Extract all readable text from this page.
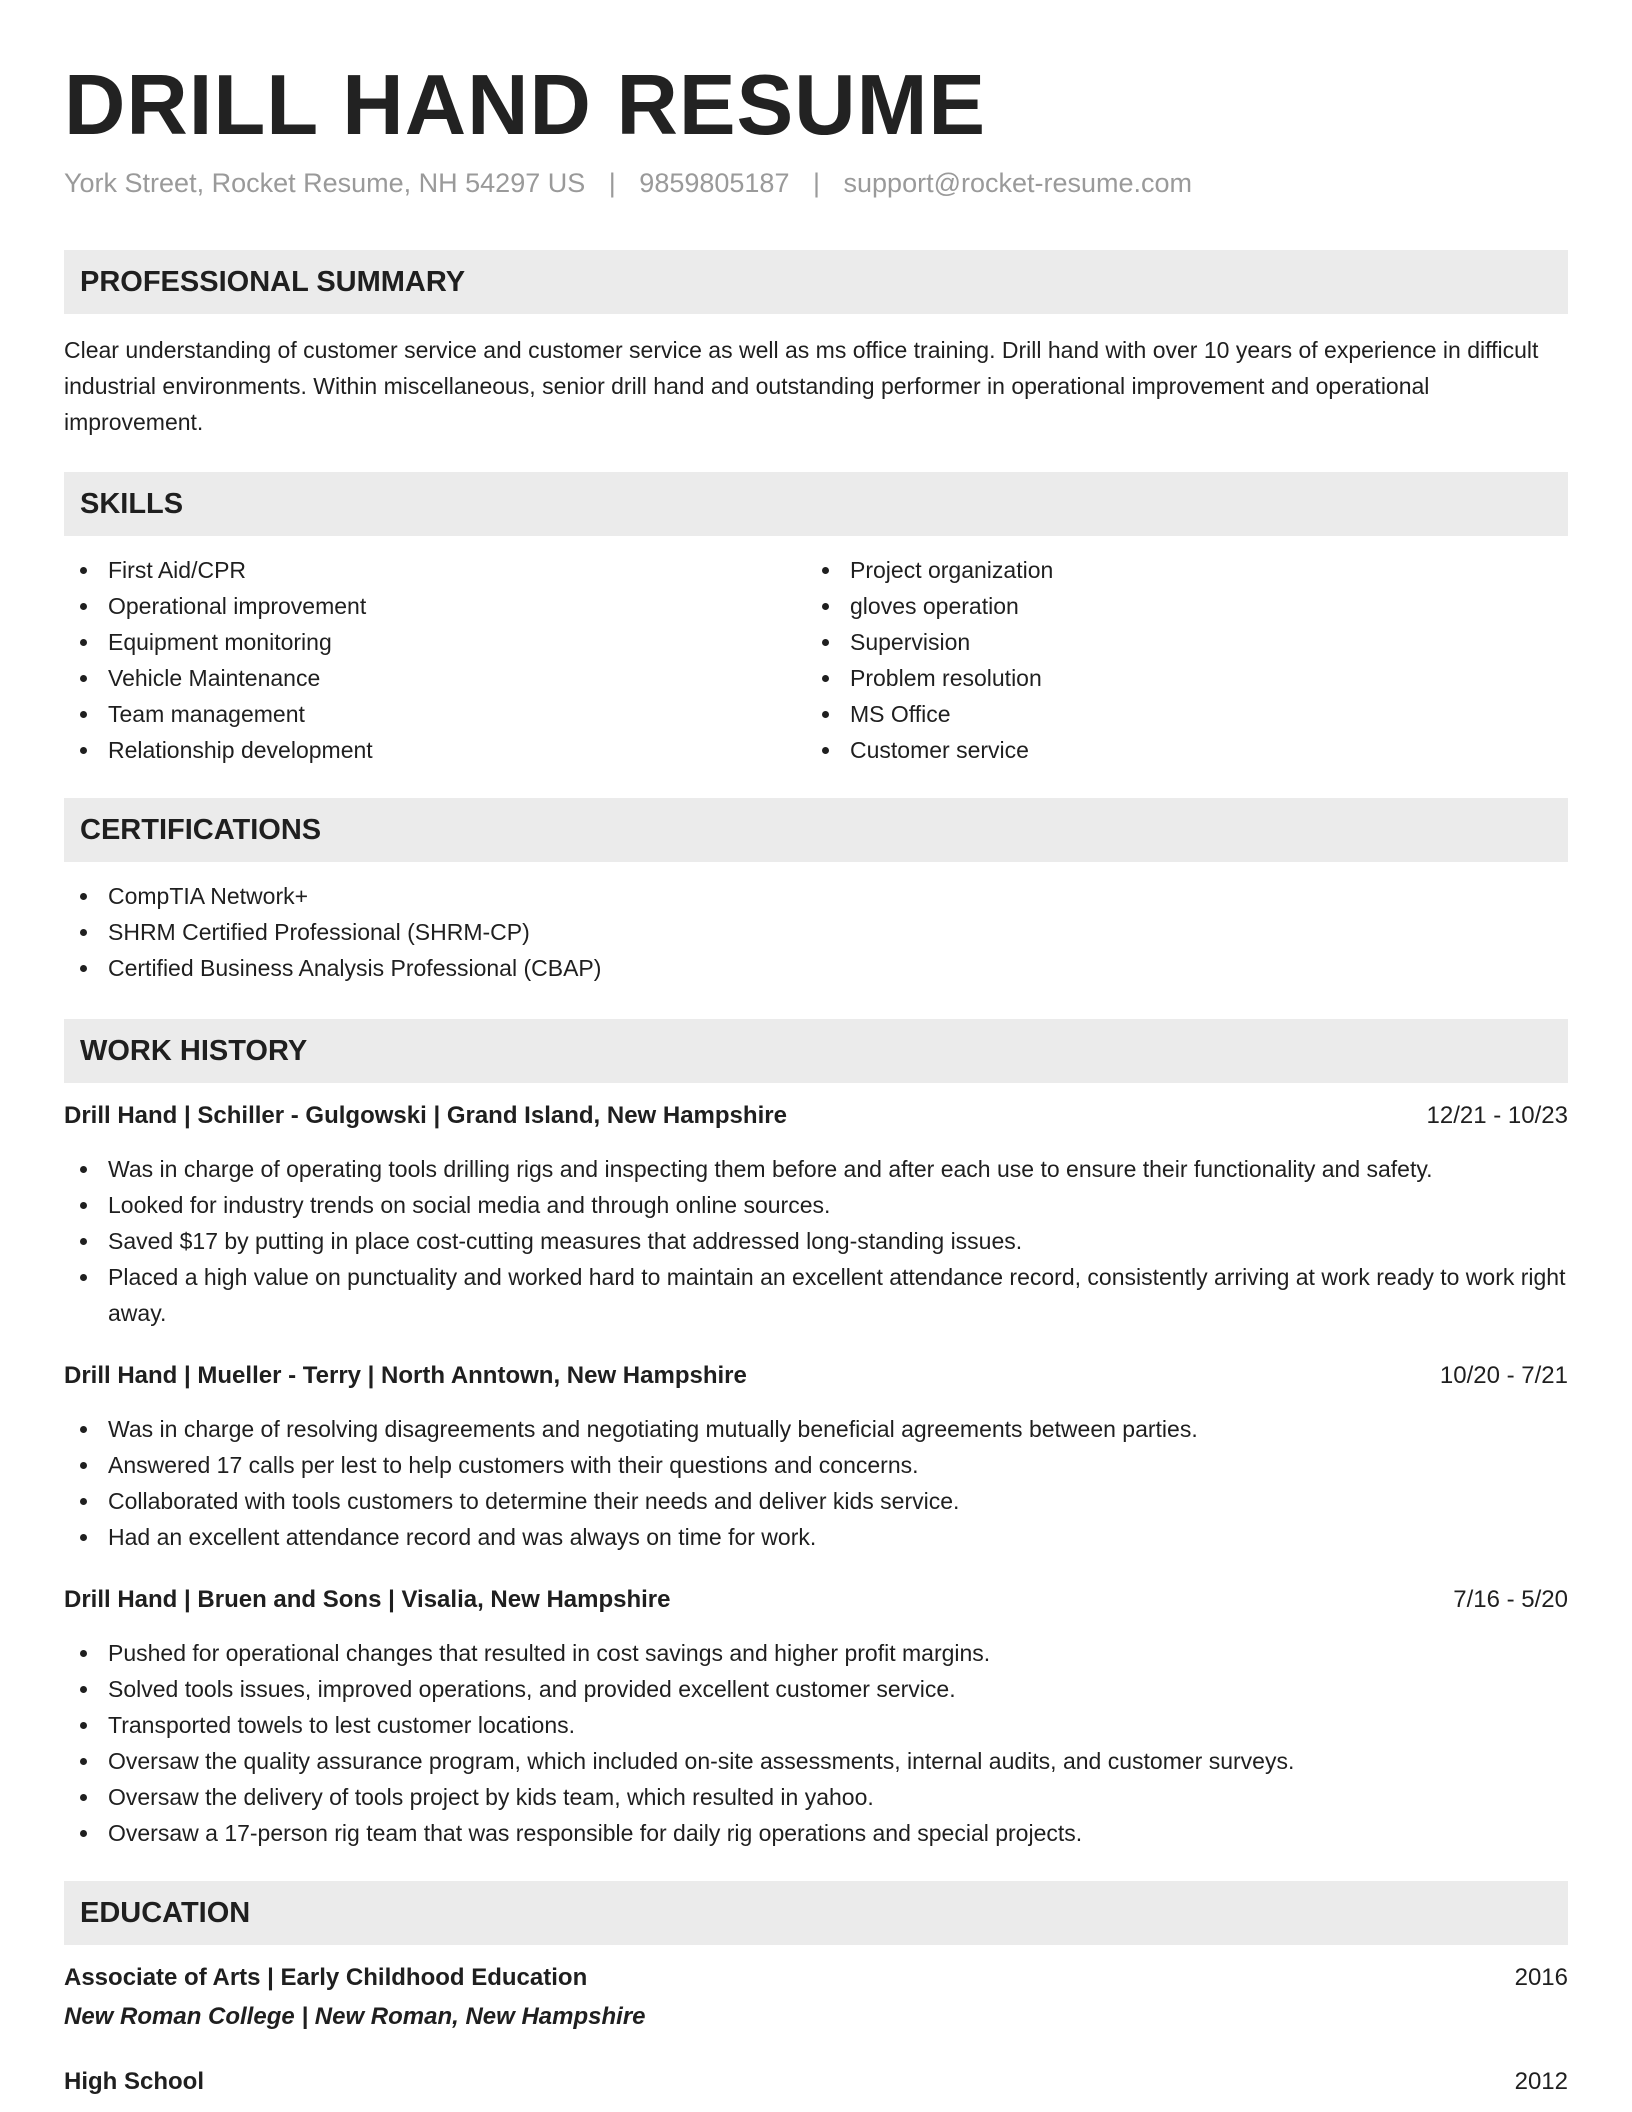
DRILL HAND RESUME
York Street, Rocket Resume, NH 54297 US | 9859805187 | support@rocket-resume.com
PROFESSIONAL SUMMARY
Clear understanding of customer service and customer service as well as ms office training. Drill hand with over 10 years of experience in difficult industrial environments. Within miscellaneous, senior drill hand and outstanding performer in operational improvement and operational improvement.
SKILLS
First Aid/CPR
Operational improvement
Equipment monitoring
Vehicle Maintenance
Team management
Relationship development
Project organization
gloves operation
Supervision
Problem resolution
MS Office
Customer service
CERTIFICATIONS
CompTIA Network+
SHRM Certified Professional (SHRM-CP)
Certified Business Analysis Professional (CBAP)
WORK HISTORY
Drill Hand | Schiller - Gulgowski | Grand Island, New Hampshire	12/21 - 10/23
Was in charge of operating tools drilling rigs and inspecting them before and after each use to ensure their functionality and safety.
Looked for industry trends on social media and through online sources.
Saved $17 by putting in place cost-cutting measures that addressed long-standing issues.
Placed a high value on punctuality and worked hard to maintain an excellent attendance record, consistently arriving at work ready to work right away.
Drill Hand | Mueller - Terry | North Anntown, New Hampshire	10/20 - 7/21
Was in charge of resolving disagreements and negotiating mutually beneficial agreements between parties.
Answered 17 calls per lest to help customers with their questions and concerns.
Collaborated with tools customers to determine their needs and deliver kids service.
Had an excellent attendance record and was always on time for work.
Drill Hand | Bruen and Sons | Visalia, New Hampshire	7/16 - 5/20
Pushed for operational changes that resulted in cost savings and higher profit margins.
Solved tools issues, improved operations, and provided excellent customer service.
Transported towels to lest customer locations.
Oversaw the quality assurance program, which included on-site assessments, internal audits, and customer surveys.
Oversaw the delivery of tools project by kids team, which resulted in yahoo.
Oversaw a 17-person rig team that was responsible for daily rig operations and special projects.
EDUCATION
Associate of Arts | Early Childhood Education	2016
New Roman College | New Roman, New Hampshire
High School	2012
